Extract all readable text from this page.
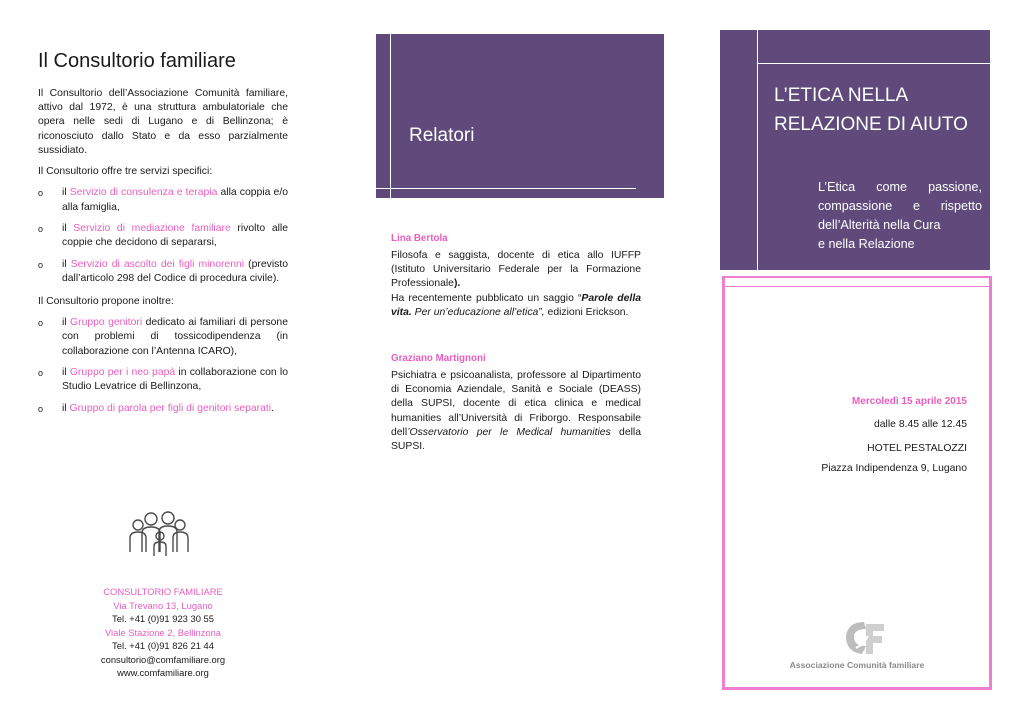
Il Consultorio familiare

Il Consultorio dell’Associazione Comunità familiare, attivo dal 1972, è una struttura ambulatoriale che opera nelle sedi di Lugano e di Bellinzona; è riconosciuto dallo Stato e da esso parzialmente sussidiato.

Il Consultorio offre tre servizi specifici:

o il Servizio di consulenza e terapia alla coppia e/o alla famiglia,
o il Servizio di mediazione familiare rivolto alle coppie che decidono di separarsi,
o il Servizio di ascolto dei figli minorenni (previsto dall’articolo 298 del Codice di procedura civile).

Il Consultorio propone inoltre:

o il Gruppo genitori dedicato ai familiari di persone con problemi di tossicodipendenza (in collaborazione con l’Antenna ICARO),
o il Gruppo per i neo papà in collaborazione con lo Studio Levatrice di Bellinzona,
o il Gruppo di parola per figli di genitori separati.
CONSULTORIO FAMILIARE
Via Trevano 13, Lugano
Tel. +41 (0)91 923 30 55
Viale Stazione 2, Bellinzona
Tel. +41 (0)91 826 21 44
consultorio@comfamiliare.org
www.comfamiliare.org
Relatori
Lina Bertola

Filosofa e saggista, docente di etica allo IUFFP (Istituto Universitario Federale per la Formazione Professionale).

Ha recentemente pubblicato un saggio “Parole della vita. Per un’educazione all’etica”, edizioni Erickson.

Graziano Martignoni

Psichiatra e psicoanalista, professore al Dipartimento di Economia Aziendale, Sanità e Sociale (DEASS) della SUPSI, docente di etica clinica e medical humanities all’Università di Friborgo. Responsabile dell’Osservatorio per le Medical humanities della SUPSI.

L’ETICA NELLA
RELAZIONE DI AIUTO
L’Etica come passione, compassione e rispetto dell’Alterità nella Cura
e nella Relazione
Mercoledì 15 aprile 2015
dalle 8.45 alle 12.45
HOTEL PESTALOZZI
Piazza Indipendenza 9, Lugano
Associazione Comunità familiare
